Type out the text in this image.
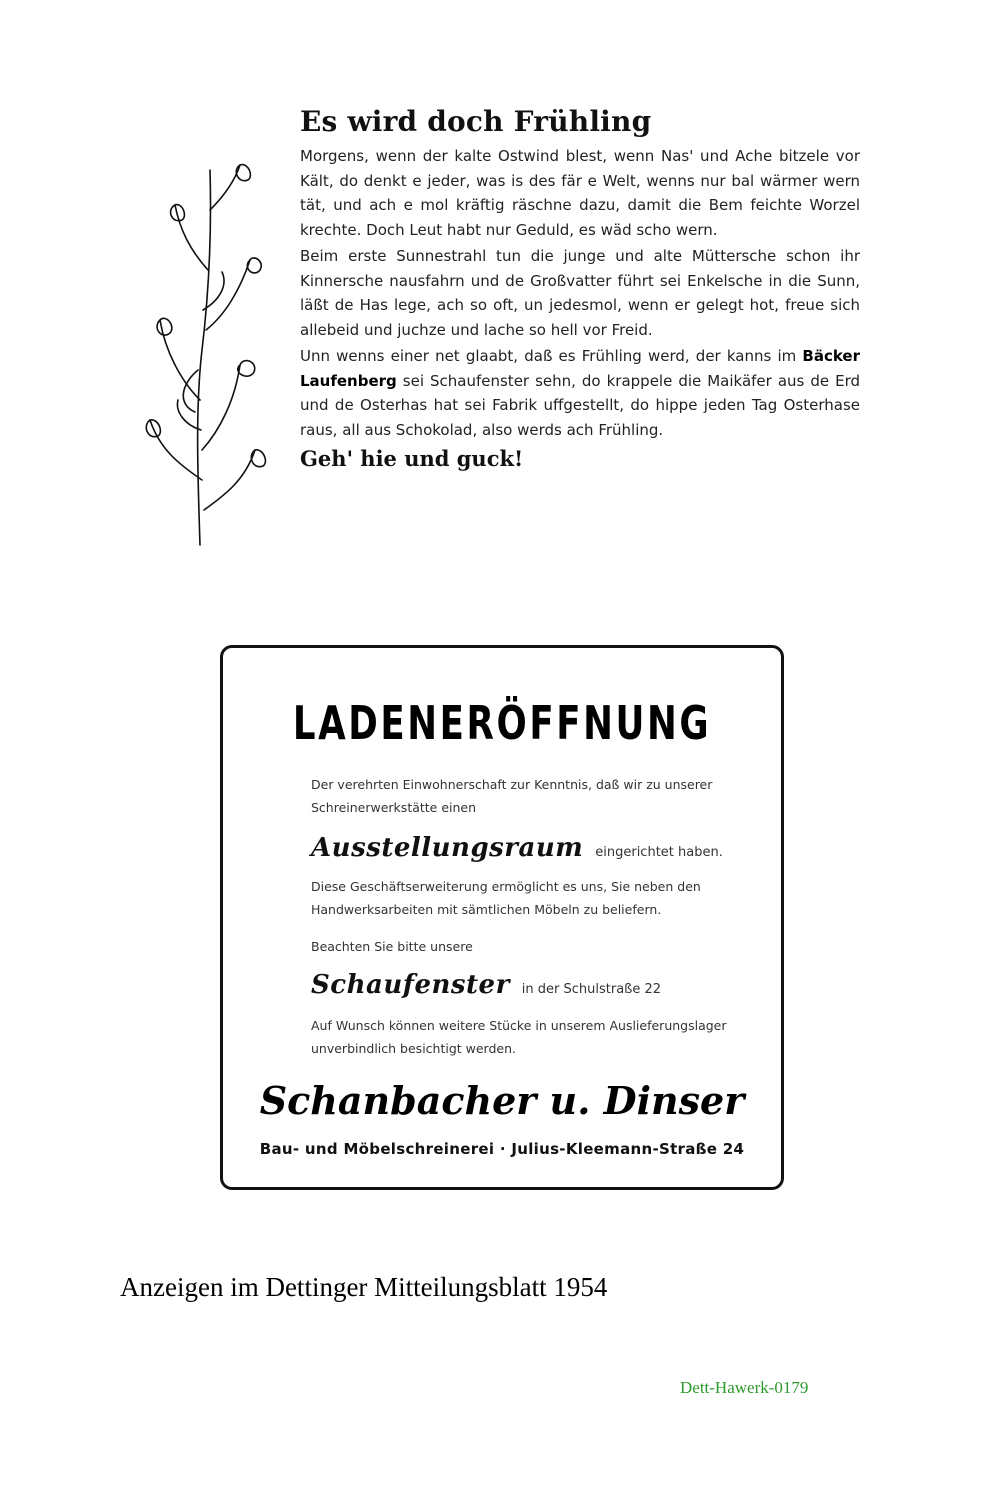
Es wird doch Frühling

Morgens, wenn der kalte Ostwind blest, wenn Nas' und Ache bitzele vor Kält, do denkt e jeder, was is des fär e Welt, wenns nur bal wärmer wern tät, und ach e mol kräftig räschne dazu, damit die Bem feichte Worzel krechte. Doch Leut habt nur Geduld, es wäd scho wern.

Beim erste Sunnestrahl tun die junge und alte Müttersche schon ihr Kinnersche nausfahrn und de Großvatter führt sei Enkelsche in die Sunn, läßt de Has lege, ach so oft, un jedesmol, wenn er gelegt hot, freue sich allebeid und juchze und lache so hell vor Freid.

Unn wenns einer net glaabt, daß es Frühling werd, der kanns im Bäcker Laufenberg sei Schaufenster sehn, do krappele die Maikäfer aus de Erd und de Osterhas hat sei Fabrik uffgestellt, do hippe jeden Tag Osterhase raus, all aus Schokolad, also werds ach Frühling.

Geh' hie und guck!

LADENERÖFFNUNG
Der verehrten Einwohnerschaft zur Kenntnis, daß wir zu unserer
Schreinerwerkstätte einen
Ausstellungsraum eingerichtet haben.
Diese Geschäftserweiterung ermöglicht es uns, Sie neben den
Handwerksarbeiten mit sämtlichen Möbeln zu beliefern.
Beachten Sie bitte unsere
Schaufenster in der Schulstraße 22
Auf Wunsch können weitere Stücke in unserem Auslieferungslager
unverbindlich besichtigt werden.
Schanbacher u. Dinser
Bau- und Möbelschreinerei · Julius-Kleemann-Straße 24
Anzeigen im Dettinger Mitteilungsblatt 1954
Dett-Hawerk-0179
